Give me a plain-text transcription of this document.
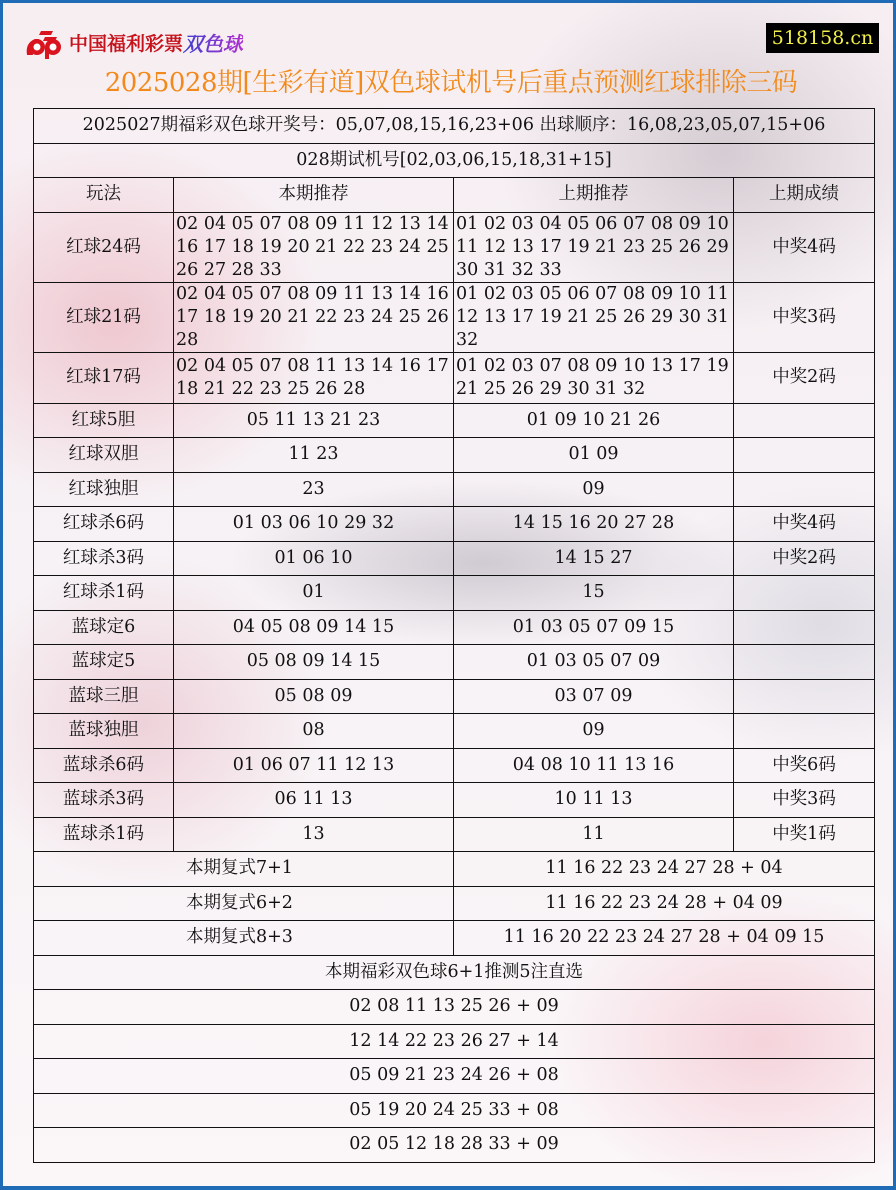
中国福利彩票 双色球	518158.cn
2025028期[生彩有道]双色球试机号后重点预测红球排除三码
2025027期福彩双色球开奖号：05,07,08,15,16,23+06 出球顺序：16,08,23,05,07,15+06			
028期试机号[02,03,06,15,18,31+15]			
玩法	本期推荐	上期推荐	上期成绩
红球24码	02 04 05 07 08 09 11 12 13 14 16 17 18 19 20 21 22 23 24 25 26 27 28 33	01 02 03 04 05 06 07 08 09 10 11 12 13 17 19 21 23 25 26 29 30 31 32 33	中奖4码
红球21码	02 04 05 07 08 09 11 13 14 16 17 18 19 20 21 22 23 24 25 26 28	01 02 03 05 06 07 08 09 10 11 12 13 17 19 21 25 26 29 30 31 32	中奖3码
红球17码	02 04 05 07 08 11 13 14 16 17 18 21 22 23 25 26 28	01 02 03 07 08 09 10 13 17 19 21 25 26 29 30 31 32	中奖2码
红球5胆	05 11 13 21 23	01 09 10 21 26	
红球双胆	11 23	01 09	
红球独胆	23	09	
红球杀6码	01 03 06 10 29 32	14 15 16 20 27 28	中奖4码
红球杀3码	01 06 10	14 15 27	中奖2码
红球杀1码	01	15	
蓝球定6	04 05 08 09 14 15	01 03 05 07 09 15	
蓝球定5	05 08 09 14 15	01 03 05 07 09	
蓝球三胆	05 08 09	03 07 09	
蓝球独胆	08	09	
蓝球杀6码	01 06 07 11 12 13	04 08 10 11 13 16	中奖6码
蓝球杀3码	06 11 13	10 11 13	中奖3码
蓝球杀1码	13	11	中奖1码
本期复式7+1		11 16 22 23 24 27 28 + 04	
本期复式6+2		11 16 22 23 24 28 + 04 09	
本期复式8+3		11 16 20 22 23 24 27 28 + 04 09 15	
本期福彩双色球6+1推测5注直选			
02 08 11 13 25 26 + 09			
12 14 22 23 26 27 + 14			
05 09 21 23 24 26 + 08			
05 19 20 24 25 33 + 08			
02 05 12 18 28 33 + 09			
